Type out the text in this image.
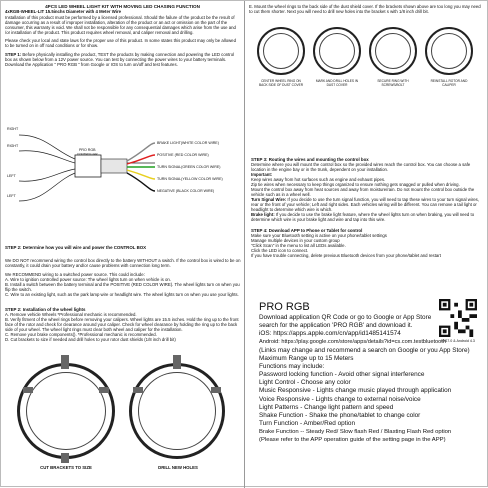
4PCS LED WHEEL LIGHT KIT WITH MOVING LED CHASING FUNCTION
4xRGB-WHEEL-LIT 15.5inchs Diameter with 4 Meter Wire
Installation of this product must be performed by a licensed professional. Should the failure of the product be the result of damage occurring as a result of improper installation, alteration of the product or an act or omission on the part of the consumer, this warranty is void. We shall not be responsible for any consequential damages which arise from the use and /or installation of the product. This product requires wheel removal, and caliper removal and drilling.
Please check your local and state laws for the proper use of this product. In some states this product may only be allowed to be turned on in off road conditions or for show.
STEP 1: Before physically installing the product, TEST the products by making connection and powering the LED control box as shown below from a 12V power source. You can test by connecting the power wires to your battery terminals. Download the Application " PRO RGB " from Google or IOS to turn on/off and test features.
RIGHT
RIGHT
LEFT
LEFT
PRO RGB
CONTROLLER
BRAKE LIGHT(WHITE COLOR WIRE)
POSITIVE (RED COLOR WIRE)
TURN SIGNAL(GREEN COLOR WIRE)
TURN SIGNAL(YELLOW COLOR WIRE)
NEGATIVE (BLACK COLOR WIRE)
STEP 2: Determine how you will wire and power the CONTROL BOX
We DO NOT recommend wiring the control box directly to the battery WITHOUT a switch. If the control box is wired to be on constantly, it could drain your battery and/or cause problems with connection long term.
We RECOMMEND wiring to a switched power source. This could include:
A. Wire to ignition controlled power source: The wheel lights turn on when vehicle is on.
B. Install a switch between the battery terminal and the POSITIVE (RED COLOR WIRE). The wheel lights turn on when you flip the switch.
C. Wire to an existing light, such as the park lamp wire or headlight wire. The wheel lights turn on when you use your lights.
STEP 2: Installation of the wheel lights
A. Remove vehicle Wheels *Professional mechanic is recommended.
B. Verify fitment of the wheel rings before removing your calipers. Wheel lights are 15.5 inches. Hold the ring up to the front face of the rotor and check for clearance around your caliper. Check for wheel clearance by holding the ring up to the back side of your wheel. The wheel light rings must clear both wheel and caliper for the installation.
C. Remove your brake components(). *Professional mechanic is recommended.
D. Cut brackets to size if needed and drill holes to your rotor dust shields (1/8 inch drill bit)
CUT BRACKETS TO SIZE	DRILL NEW HOLES
E. Mount the wheel rings to the back side of the dust shield cover. If the brackets shown above are too long you may need to cut them shorter. Next you will need to drill new holes into the bracket s with 1/8 inch drill bit.
CENTER WHEEL RING ON BACK SIDE OF DUST COVER
MARK AND DRILL HOLES IN DUST COVER
SECURE RING WITH SCREWS/BOLT
REINSTALL ROTOR AND CALIPER
STEP 3: Routing the wires and mounting the control box
Determine where you will mount the control box so the provided wires reach the control box. You can choose a safe location in the engine bay or in the trunk, dependent on your installation.
Important:
Keep wires away from hot surfaces such as engine and exhaust pipes.
Zip tie wires when necessary to keep things organized to ensure nothing gets snagged or pulled when driving.
Mount the control box away from heat sources and away from moisture/rain. Do not mount the control box outside the vehicle such as in a wheel well.
Turn Signal Wire: If you decide to use the turn signal function, you will need to tap these wires to your turn signal wires, rear or the front of your vehicle; Left and right sides. Each vehicles wiring will be different. You can remove a tail light or headlight to determine which wire is which.
Brake light: If you decide to use the brake light feature, where the wheel lights turn on when braking, you will need to determine which wire is your brake light and wire and tap into this wire.
STEP 4: Download APP to Phone or Tablet for control
Make sure your Bluetooth setting is active on your phone/tablet settings
Manage multiple devices in your custom group
"Click Scan" in the menu to list all LEDs available.
Click the LED icon to connect.
If you have trouble connecting, delete previous Bluetooth devices from your phone/tablet and restart
PRO RGB
Download application QR Code or go to Google or App Store
search for the application 'PRO RGB' and download it.
iOS: https://apps.apple.com/cn/app/id1485141574
Android: https://play.google.com/store/apps/details?id=cs.com.testbluetooth
(Links may change and recommend a search on Google or you App Store)
Maximum Range up to 15 Meters
Functions may include:
Password locking function - Avoid other signal interference
Light Control - Choose any color
Music Responsive - Lights change music played through application
Voice Responsive - Lights change to external noise/voice
Light Patterns - Change light pattern and speed
Shake Function - Shake the phone/tablet to change color
Turn Function - Amber/Red option
Brake Function -- Steady Red/ Slow flash Red / Blasting Flash Red option
(Please refer to the APP operation guide of the setting page in the APP)
IOS7.0 & Android 4.3
